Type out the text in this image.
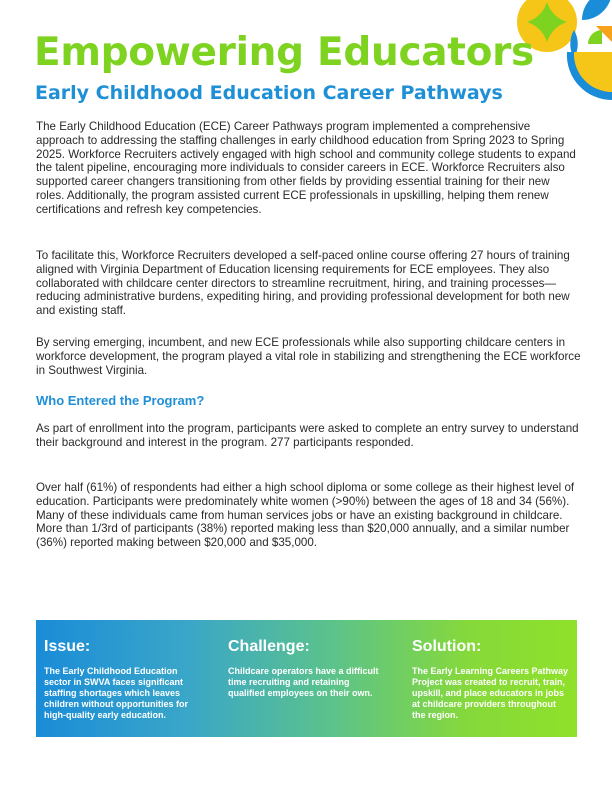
Empowering Educators
Early Childhood Education Career Pathways

The Early Childhood Education (ECE) Career Pathways program implemented a comprehensive approach to addressing the staffing challenges in early childhood education from Spring 2023 to Spring 2025. Workforce Recruiters actively engaged with high school and community college students to expand the talent pipeline, encouraging more individuals to consider careers in ECE. Workforce Recruiters also supported career changers transitioning from other fields by providing essential training for their new roles. Additionally, the program assisted current ECE professionals in upskilling, helping them renew certifications and refresh key competencies.

To facilitate this, Workforce Recruiters developed a self-paced online course offering 27 hours of training aligned with Virginia Department of Education licensing requirements for ECE employees. They also collaborated with childcare center directors to streamline recruitment, hiring, and training processes—reducing administrative burdens, expediting hiring, and providing professional development for both new and existing staff.

By serving emerging, incumbent, and new ECE professionals while also supporting childcare centers in workforce development, the program played a vital role in stabilizing and strengthening the ECE workforce in Southwest Virginia.

Who Entered the Program?

As part of enrollment into the program, participants were asked to complete an entry survey to understand their background and interest in the program. 277 participants responded.

Over half (61%) of respondents had either a high school diploma or some college as their highest level of education. Participants were predominately white women (>90%) between the ages of 18 and 34 (56%). Many of these individuals came from human services jobs or have an existing background in childcare. More than 1/3rd of participants (38%) reported making less than $20,000 annually, and a similar number (36%) reported making between $20,000 and $35,000.

Issue:

The Early Childhood Education sector in SWVA faces significant staffing shortages which leaves children without opportunities for high-quality early education.

Challenge:

Childcare operators have a difficult time recruiting and retaining qualified employees on their own.

Solution:

The Early Learning Careers Pathway Project was created to recruit, train, upskill, and place educators in jobs at childcare providers throughout the region.
